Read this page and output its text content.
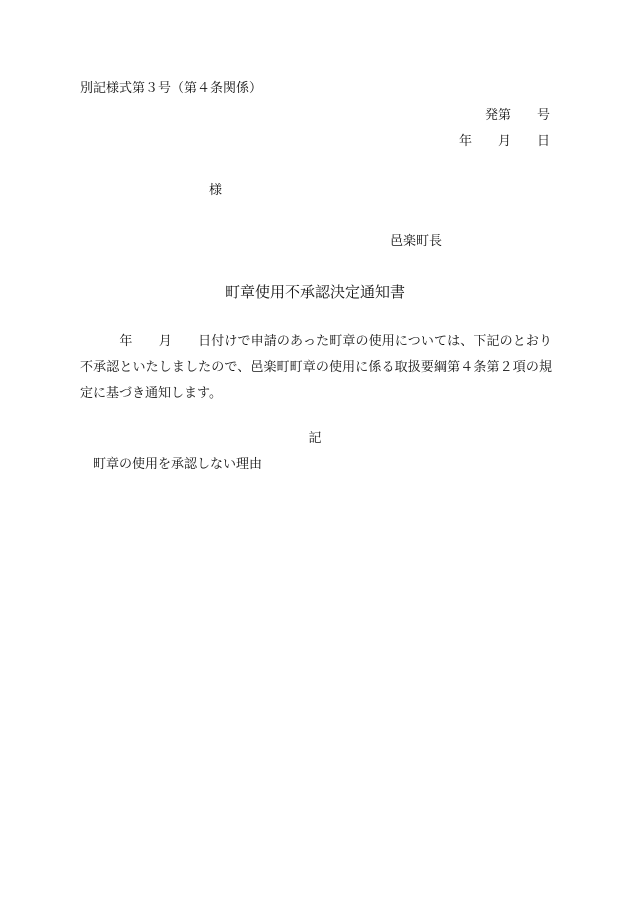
別記様式第３号（第４条関係）
発第　　号
年　　月　　日
様
邑楽町長
町章使用不承認決定通知書
　　　年　　月　　日付けで申請のあった町章の使用については、下記のとおり不承認といたしましたので、邑楽町町章の使用に係る取扱要綱第４条第２項の規定に基づき通知します。
記
町章の使用を承認しない理由
